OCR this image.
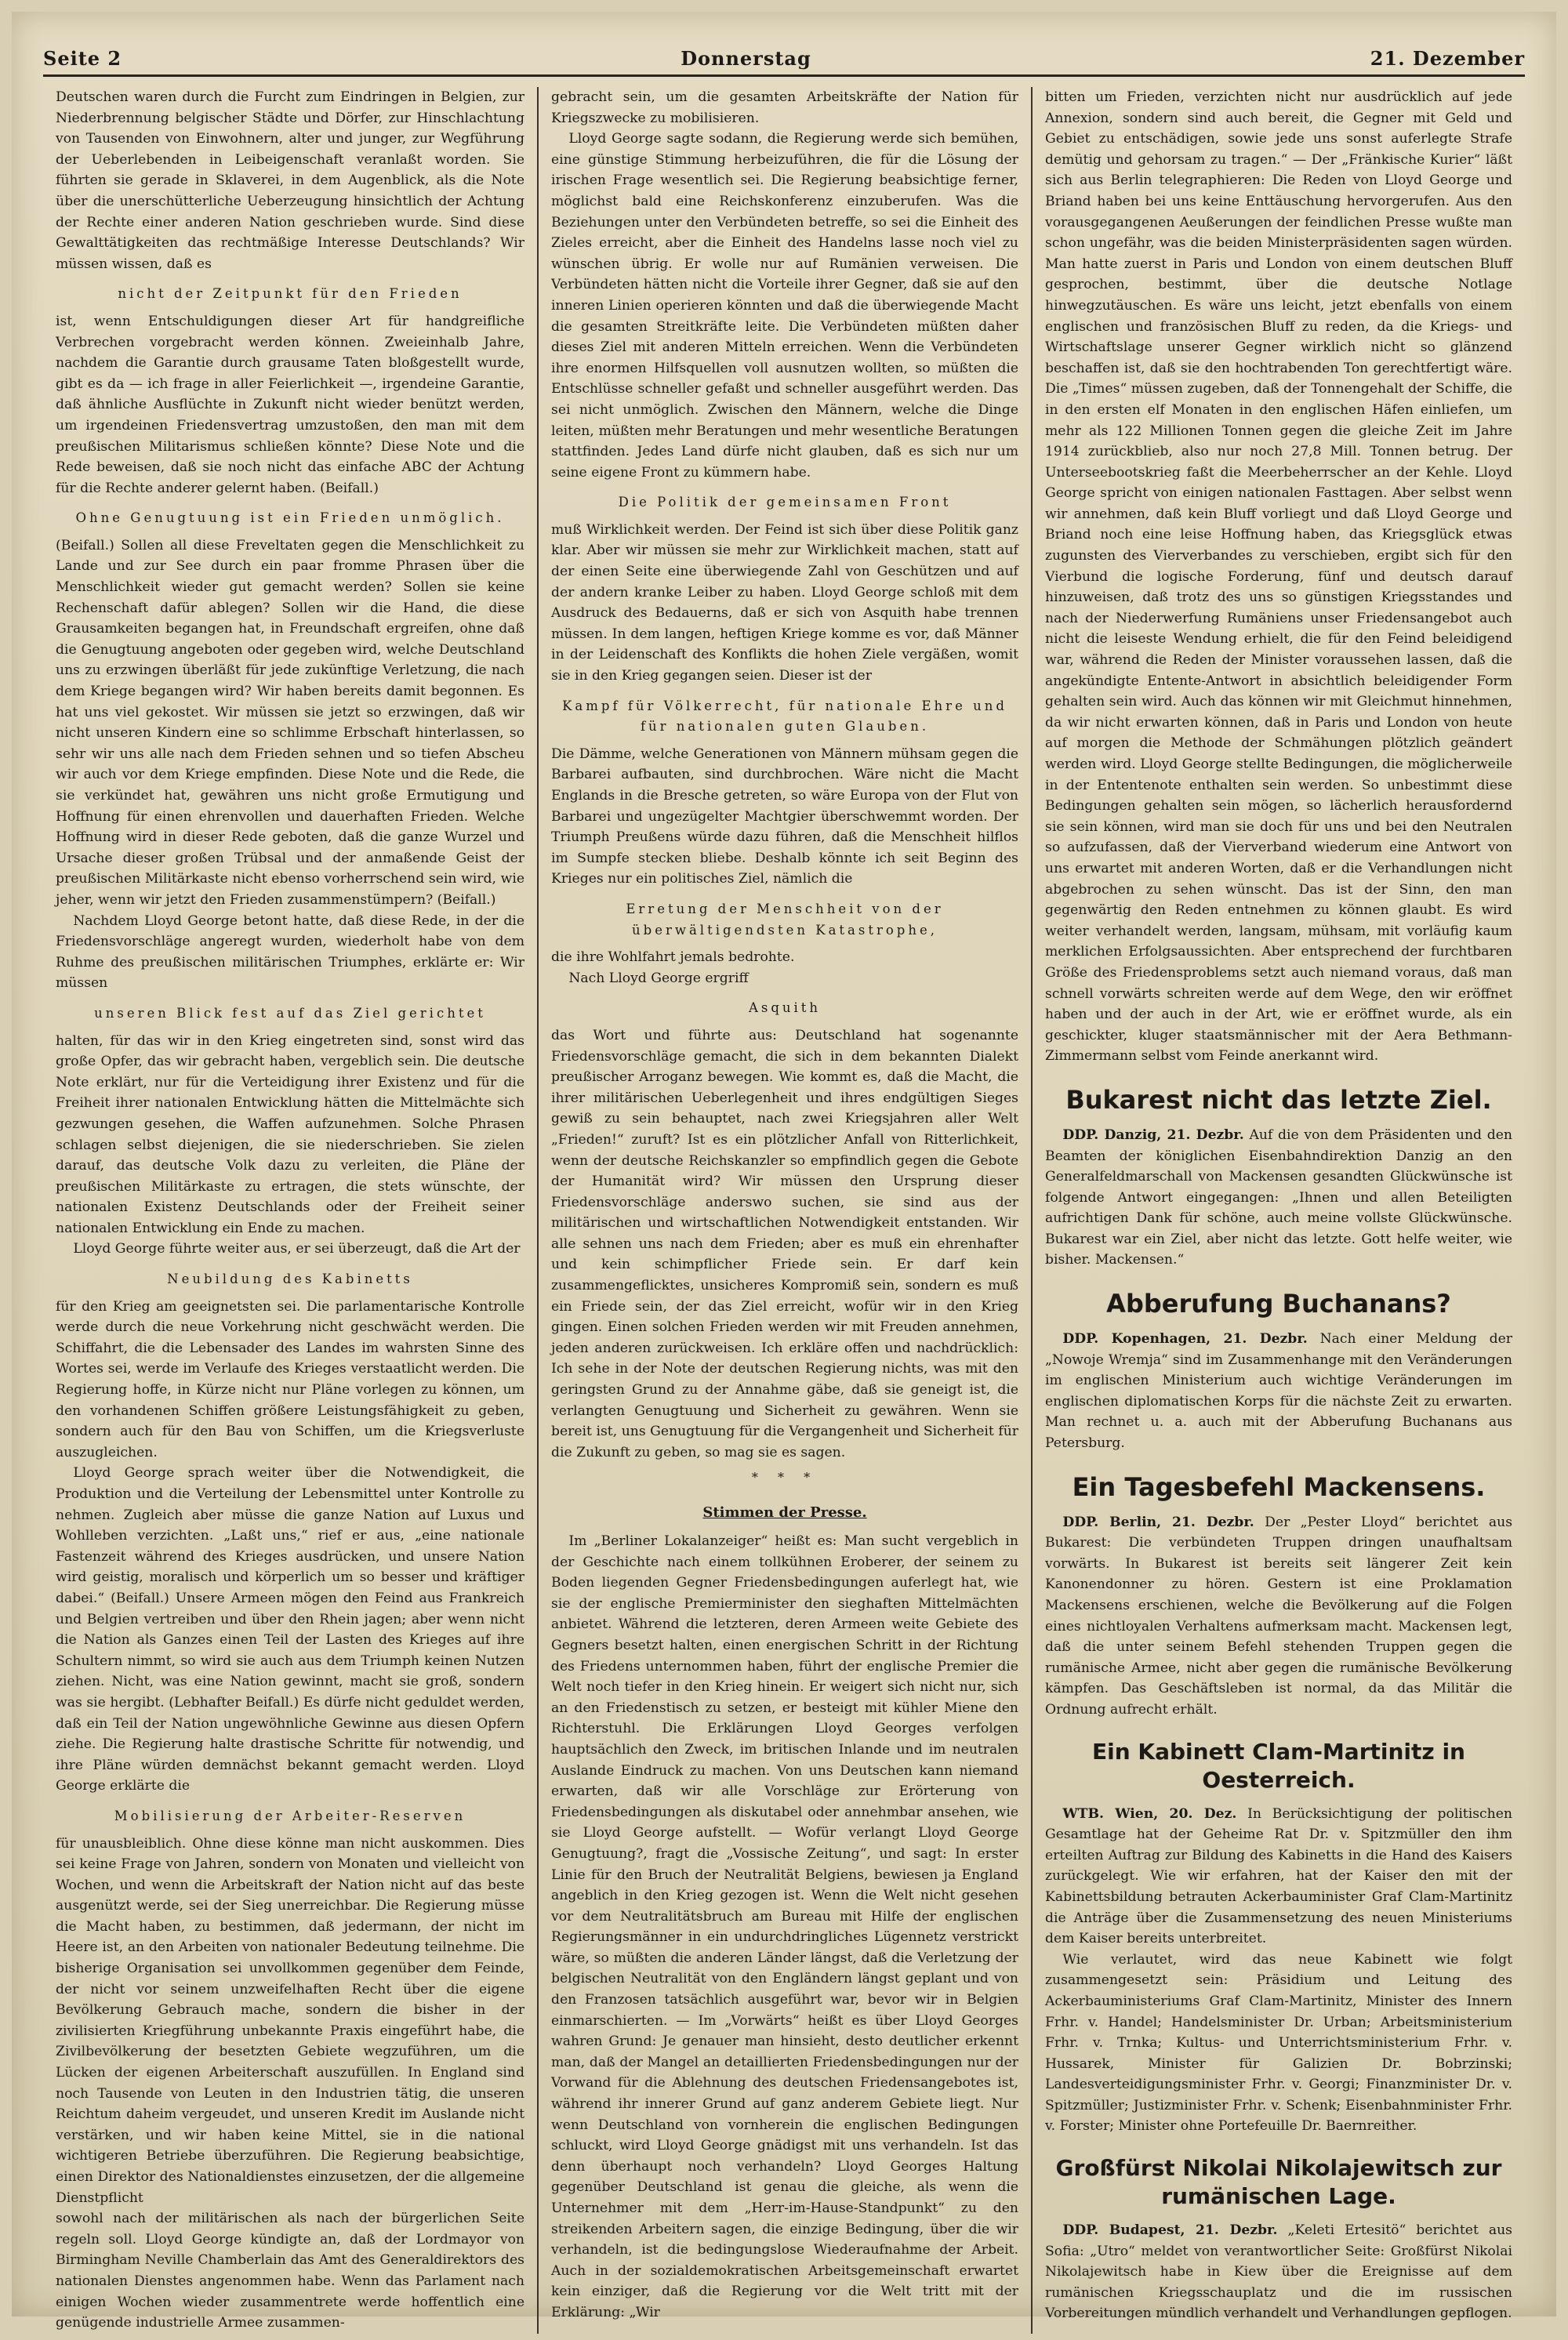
Seite 2	Donnerstag	21. Dezember

Deutschen waren durch die Furcht zum Eindringen in Belgien, zur Niederbrennung belgischer Städte und Dörfer, zur Hinschlachtung von Tausenden von Einwohnern, alter und junger, zur Wegführung der Ueberlebenden in Leibeigenschaft veranlaßt worden. Sie führten sie gerade in Sklaverei, in dem Augenblick, als die Note über die unerschütterliche Ueberzeugung hinsichtlich der Achtung der Rechte einer anderen Nation geschrieben wurde. Sind diese Gewalttätigkeiten das rechtmäßige Interesse Deutschlands? Wir müssen wissen, daß es

nicht der Zeitpunkt für den Frieden

ist, wenn Entschuldigungen dieser Art für handgreifliche Verbrechen vorgebracht werden können. Zweieinhalb Jahre, nachdem die Garantie durch grausame Taten bloßgestellt wurde, gibt es da — ich frage in aller Feierlichkeit —, irgendeine Garantie, daß ähnliche Ausflüchte in Zukunft nicht wieder benützt werden, um irgendeinen Friedensvertrag umzustoßen, den man mit dem preußischen Militarismus schließen könnte? Diese Note und die Rede beweisen, daß sie noch nicht das einfache ABC der Achtung für die Rechte anderer gelernt haben. (Beifall.)

Ohne Genugtuung ist ein Frieden unmöglich.

(Beifall.) Sollen all diese Freveltaten gegen die Menschlichkeit zu Lande und zur See durch ein paar fromme Phrasen über die Menschlichkeit wieder gut gemacht werden? Sollen sie keine Rechenschaft dafür ablegen? Sollen wir die Hand, die diese Grausamkeiten begangen hat, in Freundschaft ergreifen, ohne daß die Genugtuung angeboten oder gegeben wird, welche Deutschland uns zu erzwingen überläßt für jede zukünftige Verletzung, die nach dem Kriege begangen wird? Wir haben bereits damit begonnen. Es hat uns viel gekostet. Wir müssen sie jetzt so erzwingen, daß wir nicht unseren Kindern eine so schlimme Erbschaft hinterlassen, so sehr wir uns alle nach dem Frieden sehnen und so tiefen Abscheu wir auch vor dem Kriege empfinden. Diese Note und die Rede, die sie verkündet hat, gewähren uns nicht große Ermutigung und Hoffnung für einen ehrenvollen und dauerhaften Frieden. Welche Hoffnung wird in dieser Rede geboten, daß die ganze Wurzel und Ursache dieser großen Trübsal und der anmaßende Geist der preußischen Militärkaste nicht ebenso vorherrschend sein wird, wie jeher, wenn wir jetzt den Frieden zusammenstümpern? (Beifall.)

Nachdem Lloyd George betont hatte, daß diese Rede, in der die Friedensvorschläge angeregt wurden, wiederholt habe von dem Ruhme des preußischen militärischen Triumphes, erklärte er: Wir müssen

unseren Blick fest auf das Ziel gerichtet

halten, für das wir in den Krieg eingetreten sind, sonst wird das große Opfer, das wir gebracht haben, vergeblich sein. Die deutsche Note erklärt, nur für die Verteidigung ihrer Existenz und für die Freiheit ihrer nationalen Entwicklung hätten die Mittelmächte sich gezwungen gesehen, die Waffen aufzunehmen. Solche Phrasen schlagen selbst diejenigen, die sie niederschrieben. Sie zielen darauf, das deutsche Volk dazu zu verleiten, die Pläne der preußischen Militärkaste zu ertragen, die stets wünschte, der nationalen Existenz Deutschlands oder der Freiheit seiner nationalen Entwicklung ein Ende zu machen.

Lloyd George führte weiter aus, er sei überzeugt, daß die Art der

Neubildung des Kabinetts

für den Krieg am geeignetsten sei. Die parlamentarische Kontrolle werde durch die neue Vorkehrung nicht geschwächt werden. Die Schiffahrt, die die Lebensader des Landes im wahrsten Sinne des Wortes sei, werde im Verlaufe des Krieges verstaatlicht werden. Die Regierung hoffe, in Kürze nicht nur Pläne vorlegen zu können, um den vorhandenen Schiffen größere Leistungsfähigkeit zu geben, sondern auch für den Bau von Schiffen, um die Kriegsverluste auszugleichen.

Lloyd George sprach weiter über die Notwendigkeit, die Produktion und die Verteilung der Lebensmittel unter Kontrolle zu nehmen. Zugleich aber müsse die ganze Nation auf Luxus und Wohlleben verzichten. „Laßt uns,“ rief er aus, „eine nationale Fastenzeit während des Krieges ausdrücken, und unsere Nation wird geistig, moralisch und körperlich um so besser und kräftiger dabei.“ (Beifall.) Unsere Armeen mögen den Feind aus Frankreich und Belgien vertreiben und über den Rhein jagen; aber wenn nicht die Nation als Ganzes einen Teil der Lasten des Krieges auf ihre Schultern nimmt, so wird sie auch aus dem Triumph keinen Nutzen ziehen. Nicht, was eine Nation gewinnt, macht sie groß, sondern was sie hergibt. (Lebhafter Beifall.) Es dürfe nicht geduldet werden, daß ein Teil der Nation ungewöhnliche Gewinne aus diesen Opfern ziehe. Die Regierung halte drastische Schritte für notwendig, und ihre Pläne würden demnächst bekannt gemacht werden. Lloyd George erklärte die

Mobilisierung der Arbeiter-Reserven

für unausbleiblich. Ohne diese könne man nicht auskommen. Dies sei keine Frage von Jahren, sondern von Monaten und vielleicht von Wochen, und wenn die Arbeitskraft der Nation nicht auf das beste ausgenützt werde, sei der Sieg unerreichbar. Die Regierung müsse die Macht haben, zu bestimmen, daß jedermann, der nicht im Heere ist, an den Arbeiten von nationaler Bedeutung teilnehme. Die bisherige Organisation sei unvollkommen gegenüber dem Feinde, der nicht vor seinem unzweifelhaften Recht über die eigene Bevölkerung Gebrauch mache, sondern die bisher in der zivilisierten Kriegführung unbekannte Praxis eingeführt habe, die Zivilbevölkerung der besetzten Gebiete wegzuführen, um die Lücken der eigenen Arbeiterschaft auszufüllen. In England sind noch Tausende von Leuten in den Industrien tätig, die unseren Reichtum daheim vergeudet, und unseren Kredit im Auslande nicht verstärken, und wir haben keine Mittel, sie in die national wichtigeren Betriebe überzuführen. Die Regierung beabsichtige, einen Direktor des Nationaldienstes einzusetzen, der die allgemeine Dienstpflicht

sowohl nach der militärischen als nach der bürgerlichen Seite regeln soll. Lloyd George kündigte an, daß der Lordmayor von Birmingham Neville Chamberlain das Amt des Generaldirektors des nationalen Dienstes angenommen habe. Wenn das Parlament nach einigen Wochen wieder zusammentrete werde hoffentlich eine genügende industrielle Armee zusammen-

gebracht sein, um die gesamten Arbeitskräfte der Nation für Kriegszwecke zu mobilisieren.

Lloyd George sagte sodann, die Regierung werde sich bemühen, eine günstige Stimmung herbeizuführen, die für die Lösung der irischen Frage wesentlich sei. Die Regierung beabsichtige ferner, möglichst bald eine Reichskonferenz einzuberufen. Was die Beziehungen unter den Verbündeten betreffe, so sei die Einheit des Zieles erreicht, aber die Einheit des Handelns lasse noch viel zu wünschen übrig. Er wolle nur auf Rumänien verweisen. Die Verbündeten hätten nicht die Vorteile ihrer Gegner, daß sie auf den inneren Linien operieren könnten und daß die überwiegende Macht die gesamten Streitkräfte leite. Die Verbündeten müßten daher dieses Ziel mit anderen Mitteln erreichen. Wenn die Verbündeten ihre enormen Hilfsquellen voll ausnutzen wollten, so müßten die Entschlüsse schneller gefaßt und schneller ausgeführt werden. Das sei nicht unmöglich. Zwischen den Männern, welche die Dinge leiten, müßten mehr Beratungen und mehr wesentliche Beratungen stattfinden. Jedes Land dürfe nicht glauben, daß es sich nur um seine eigene Front zu kümmern habe.

Die Politik der gemeinsamen Front

muß Wirklichkeit werden. Der Feind ist sich über diese Politik ganz klar. Aber wir müssen sie mehr zur Wirklichkeit machen, statt auf der einen Seite eine überwiegende Zahl von Geschützen und auf der andern kranke Leiber zu haben. Lloyd George schloß mit dem Ausdruck des Bedauerns, daß er sich von Asquith habe trennen müssen. In dem langen, heftigen Kriege komme es vor, daß Männer in der Leidenschaft des Konflikts die hohen Ziele vergäßen, womit sie in den Krieg gegangen seien. Dieser ist der

Kampf für Völkerrecht, für nationale Ehre und für nationalen guten Glauben.

Die Dämme, welche Generationen von Männern mühsam gegen die Barbarei aufbauten, sind durchbrochen. Wäre nicht die Macht Englands in die Bresche getreten, so wäre Europa von der Flut von Barbarei und ungezügelter Machtgier überschwemmt worden. Der Triumph Preußens würde dazu führen, daß die Menschheit hilflos im Sumpfe stecken bliebe. Deshalb könnte ich seit Beginn des Krieges nur ein politisches Ziel, nämlich die

Erretung der Menschheit von der überwältigendsten Katastrophe,

die ihre Wohlfahrt jemals bedrohte.

Nach Lloyd George ergriff

Asquith

das Wort und führte aus: Deutschland hat sogenannte Friedensvorschläge gemacht, die sich in dem bekannten Dialekt preußischer Arroganz bewegen. Wie kommt es, daß die Macht, die ihrer militärischen Ueberlegenheit und ihres endgültigen Sieges gewiß zu sein behauptet, nach zwei Kriegsjahren aller Welt „Frieden!“ zuruft? Ist es ein plötzlicher Anfall von Ritterlichkeit, wenn der deutsche Reichskanzler so empfindlich gegen die Gebote der Humanität wird? Wir müssen den Ursprung dieser Friedensvorschläge anderswo suchen, sie sind aus der militärischen und wirtschaftlichen Notwendigkeit entstanden. Wir alle sehnen uns nach dem Frieden; aber es muß ein ehrenhafter und kein schimpflicher Friede sein. Er darf kein zusammengeflicktes, unsicheres Kompromiß sein, sondern es muß ein Friede sein, der das Ziel erreicht, wofür wir in den Krieg gingen. Einen solchen Frieden werden wir mit Freuden annehmen, jeden anderen zurückweisen. Ich erkläre offen und nachdrücklich: Ich sehe in der Note der deutschen Regierung nichts, was mit den geringsten Grund zu der Annahme gäbe, daß sie geneigt ist, die verlangten Genugtuung und Sicherheit zu gewähren. Wenn sie bereit ist, uns Genugtuung für die Vergangenheit und Sicherheit für die Zukunft zu geben, so mag sie es sagen.

* * *
Stimmen der Presse.

Im „Berliner Lokalanzeiger“ heißt es: Man sucht vergeblich in der Geschichte nach einem tollkühnen Eroberer, der seinem zu Boden liegenden Gegner Friedensbedingungen auferlegt hat, wie sie der englische Premierminister den sieghaften Mittelmächten anbietet. Während die letzteren, deren Armeen weite Gebiete des Gegners besetzt halten, einen energischen Schritt in der Richtung des Friedens unternommen haben, führt der englische Premier die Welt noch tiefer in den Krieg hinein. Er weigert sich nicht nur, sich an den Friedenstisch zu setzen, er besteigt mit kühler Miene den Richterstuhl. Die Erklärungen Lloyd Georges verfolgen hauptsächlich den Zweck, im britischen Inlande und im neutralen Auslande Eindruck zu machen. Von uns Deutschen kann niemand erwarten, daß wir alle Vorschläge zur Erörterung von Friedensbedingungen als diskutabel oder annehmbar ansehen, wie sie Lloyd George aufstellt. — Wofür verlangt Lloyd George Genugtuung?, fragt die „Vossische Zeitung“, und sagt: In erster Linie für den Bruch der Neutralität Belgiens, bewiesen ja England angeblich in den Krieg gezogen ist. Wenn die Welt nicht gesehen vor dem Neutralitätsbruch am Bureau mit Hilfe der englischen Regierungsmänner in ein undurchdringliches Lügennetz verstrickt wäre, so müßten die anderen Länder längst, daß die Verletzung der belgischen Neutralität von den Engländern längst geplant und von den Franzosen tatsächlich ausgeführt war, bevor wir in Belgien einmarschierten. — Im „Vorwärts“ heißt es über Lloyd Georges wahren Grund: Je genauer man hinsieht, desto deutlicher erkennt man, daß der Mangel an detaillierten Friedensbedingungen nur der Vorwand für die Ablehnung des deutschen Friedensangebotes ist, während ihr innerer Grund auf ganz anderem Gebiete liegt. Nur wenn Deutschland von vornherein die englischen Bedingungen schluckt, wird Lloyd George gnädigst mit uns verhandeln. Ist das denn überhaupt noch verhandeln? Lloyd Georges Haltung gegenüber Deutschland ist genau die gleiche, als wenn die Unternehmer mit dem „Herr-im-Hause-Standpunkt“ zu den streikenden Arbeitern sagen, die einzige Bedingung, über die wir verhandeln, ist die bedingungslose Wiederaufnahme der Arbeit. Auch in der sozialdemokratischen Arbeitsgemeinschaft erwartet kein einziger, daß die Regierung vor die Welt tritt mit der Erklärung: „Wir

bitten um Frieden, verzichten nicht nur ausdrücklich auf jede Annexion, sondern sind auch bereit, die Gegner mit Geld und Gebiet zu entschädigen, sowie jede uns sonst auferlegte Strafe demütig und gehorsam zu tragen.“ — Der „Fränkische Kurier“ läßt sich aus Berlin telegraphieren: Die Reden von Lloyd George und Briand haben bei uns keine Enttäuschung hervorgerufen. Aus den vorausgegangenen Aeußerungen der feindlichen Presse wußte man schon ungefähr, was die beiden Ministerpräsidenten sagen würden. Man hatte zuerst in Paris und London von einem deutschen Bluff gesprochen, bestimmt, über die deutsche Notlage hinwegzutäuschen. Es wäre uns leicht, jetzt ebenfalls von einem englischen und französischen Bluff zu reden, da die Kriegs- und Wirtschaftslage unserer Gegner wirklich nicht so glänzend beschaffen ist, daß sie den hochtrabenden Ton gerechtfertigt wäre. Die „Times“ müssen zugeben, daß der Tonnengehalt der Schiffe, die in den ersten elf Monaten in den englischen Häfen einliefen, um mehr als 122 Millionen Tonnen gegen die gleiche Zeit im Jahre 1914 zurückblieb, also nur noch 27,8 Mill. Tonnen betrug. Der Unterseebootskrieg faßt die Meerbeherrscher an der Kehle. Lloyd George spricht von einigen nationalen Fasttagen. Aber selbst wenn wir annehmen, daß kein Bluff vorliegt und daß Lloyd George und Briand noch eine leise Hoffnung haben, das Kriegsglück etwas zugunsten des Vierverbandes zu verschieben, ergibt sich für den Vierbund die logische Forderung, fünf und deutsch darauf hinzuweisen, daß trotz des uns so günstigen Kriegsstandes und nach der Niederwerfung Rumäniens unser Friedensangebot auch nicht die leiseste Wendung erhielt, die für den Feind beleidigend war, während die Reden der Minister voraussehen lassen, daß die angekündigte Entente-Antwort in absichtlich beleidigender Form gehalten sein wird. Auch das können wir mit Gleichmut hinnehmen, da wir nicht erwarten können, daß in Paris und London von heute auf morgen die Methode der Schmähungen plötzlich geändert werden wird. Lloyd George stellte Bedingungen, die möglicherweile in der Ententenote enthalten sein werden. So unbestimmt diese Bedingungen gehalten sein mögen, so lächerlich herausfordernd sie sein können, wird man sie doch für uns und bei den Neutralen so aufzufassen, daß der Vierverband wiederum eine Antwort von uns erwartet mit anderen Worten, daß er die Verhandlungen nicht abgebrochen zu sehen wünscht. Das ist der Sinn, den man gegenwärtig den Reden entnehmen zu können glaubt. Es wird weiter verhandelt werden, langsam, mühsam, mit vorläufig kaum merklichen Erfolgsaussichten. Aber entsprechend der furchtbaren Größe des Friedensproblems setzt auch niemand voraus, daß man schnell vorwärts schreiten werde auf dem Wege, den wir eröffnet haben und der auch in der Art, wie er eröffnet wurde, als ein geschickter, kluger staatsmännischer mit der Aera Bethmann-Zimmermann selbst vom Feinde anerkannt wird.

Bukarest nicht das letzte Ziel.

DDP. Danzig, 21. Dezbr. Auf die von dem Präsidenten und den Beamten der königlichen Eisenbahndirektion Danzig an den Generalfeldmarschall von Mackensen gesandten Glückwünsche ist folgende Antwort eingegangen: „Ihnen und allen Beteiligten aufrichtigen Dank für schöne, auch meine vollste Glückwünsche. Bukarest war ein Ziel, aber nicht das letzte. Gott helfe weiter, wie bisher. Mackensen.“

Abberufung Buchanans?

DDP. Kopenhagen, 21. Dezbr. Nach einer Meldung der „Nowoje Wremja“ sind im Zusammenhange mit den Veränderungen im englischen Ministerium auch wichtige Veränderungen im englischen diplomatischen Korps für die nächste Zeit zu erwarten. Man rechnet u. a. auch mit der Abberufung Buchanans aus Petersburg.

Ein Tagesbefehl Mackensens.

DDP. Berlin, 21. Dezbr. Der „Pester Lloyd“ berichtet aus Bukarest: Die verbündeten Truppen dringen unaufhaltsam vorwärts. In Bukarest ist bereits seit längerer Zeit kein Kanonendonner zu hören. Gestern ist eine Proklamation Mackensens erschienen, welche die Bevölkerung auf die Folgen eines nichtloyalen Verhaltens aufmerksam macht. Mackensen legt, daß die unter seinem Befehl stehenden Truppen gegen die rumänische Armee, nicht aber gegen die rumänische Bevölkerung kämpfen. Das Geschäftsleben ist normal, da das Militär die Ordnung aufrecht erhält.

Ein Kabinett Clam-Martinitz in Oesterreich.

WTB. Wien, 20. Dez. In Berücksichtigung der politischen Gesamtlage hat der Geheime Rat Dr. v. Spitzmüller den ihm erteilten Auftrag zur Bildung des Kabinetts in die Hand des Kaisers zurückgelegt. Wie wir erfahren, hat der Kaiser den mit der Kabinettsbildung betrauten Ackerbauminister Graf Clam-Martinitz die Anträge über die Zusammensetzung des neuen Ministeriums dem Kaiser bereits unterbreitet.

Wie verlautet, wird das neue Kabinett wie folgt zusammengesetzt sein: Präsidium und Leitung des Ackerbauministeriums Graf Clam-Martinitz, Minister des Innern Frhr. v. Handel; Handelsminister Dr. Urban; Arbeitsministerium Frhr. v. Trnka; Kultus- und Unterrichtsministerium Frhr. v. Hussarek, Minister für Galizien Dr. Bobrzinski; Landesverteidigungsminister Frhr. v. Georgi; Finanzminister Dr. v. Spitzmüller; Justizminister Frhr. v. Schenk; Eisenbahnminister Frhr. v. Forster; Minister ohne Portefeuille Dr. Baernreither.

Großfürst Nikolai Nikolajewitsch zur rumänischen Lage.

DDP. Budapest, 21. Dezbr. „Keleti Ertesitö“ berichtet aus Sofia: „Utro“ meldet von verantwortlicher Seite: Großfürst Nikolai Nikolajewitsch habe in Kiew über die Ereignisse auf dem rumänischen Kriegsschauplatz und die im russischen Vorbereitungen mündlich verhandelt und Verhandlungen gepflogen.
